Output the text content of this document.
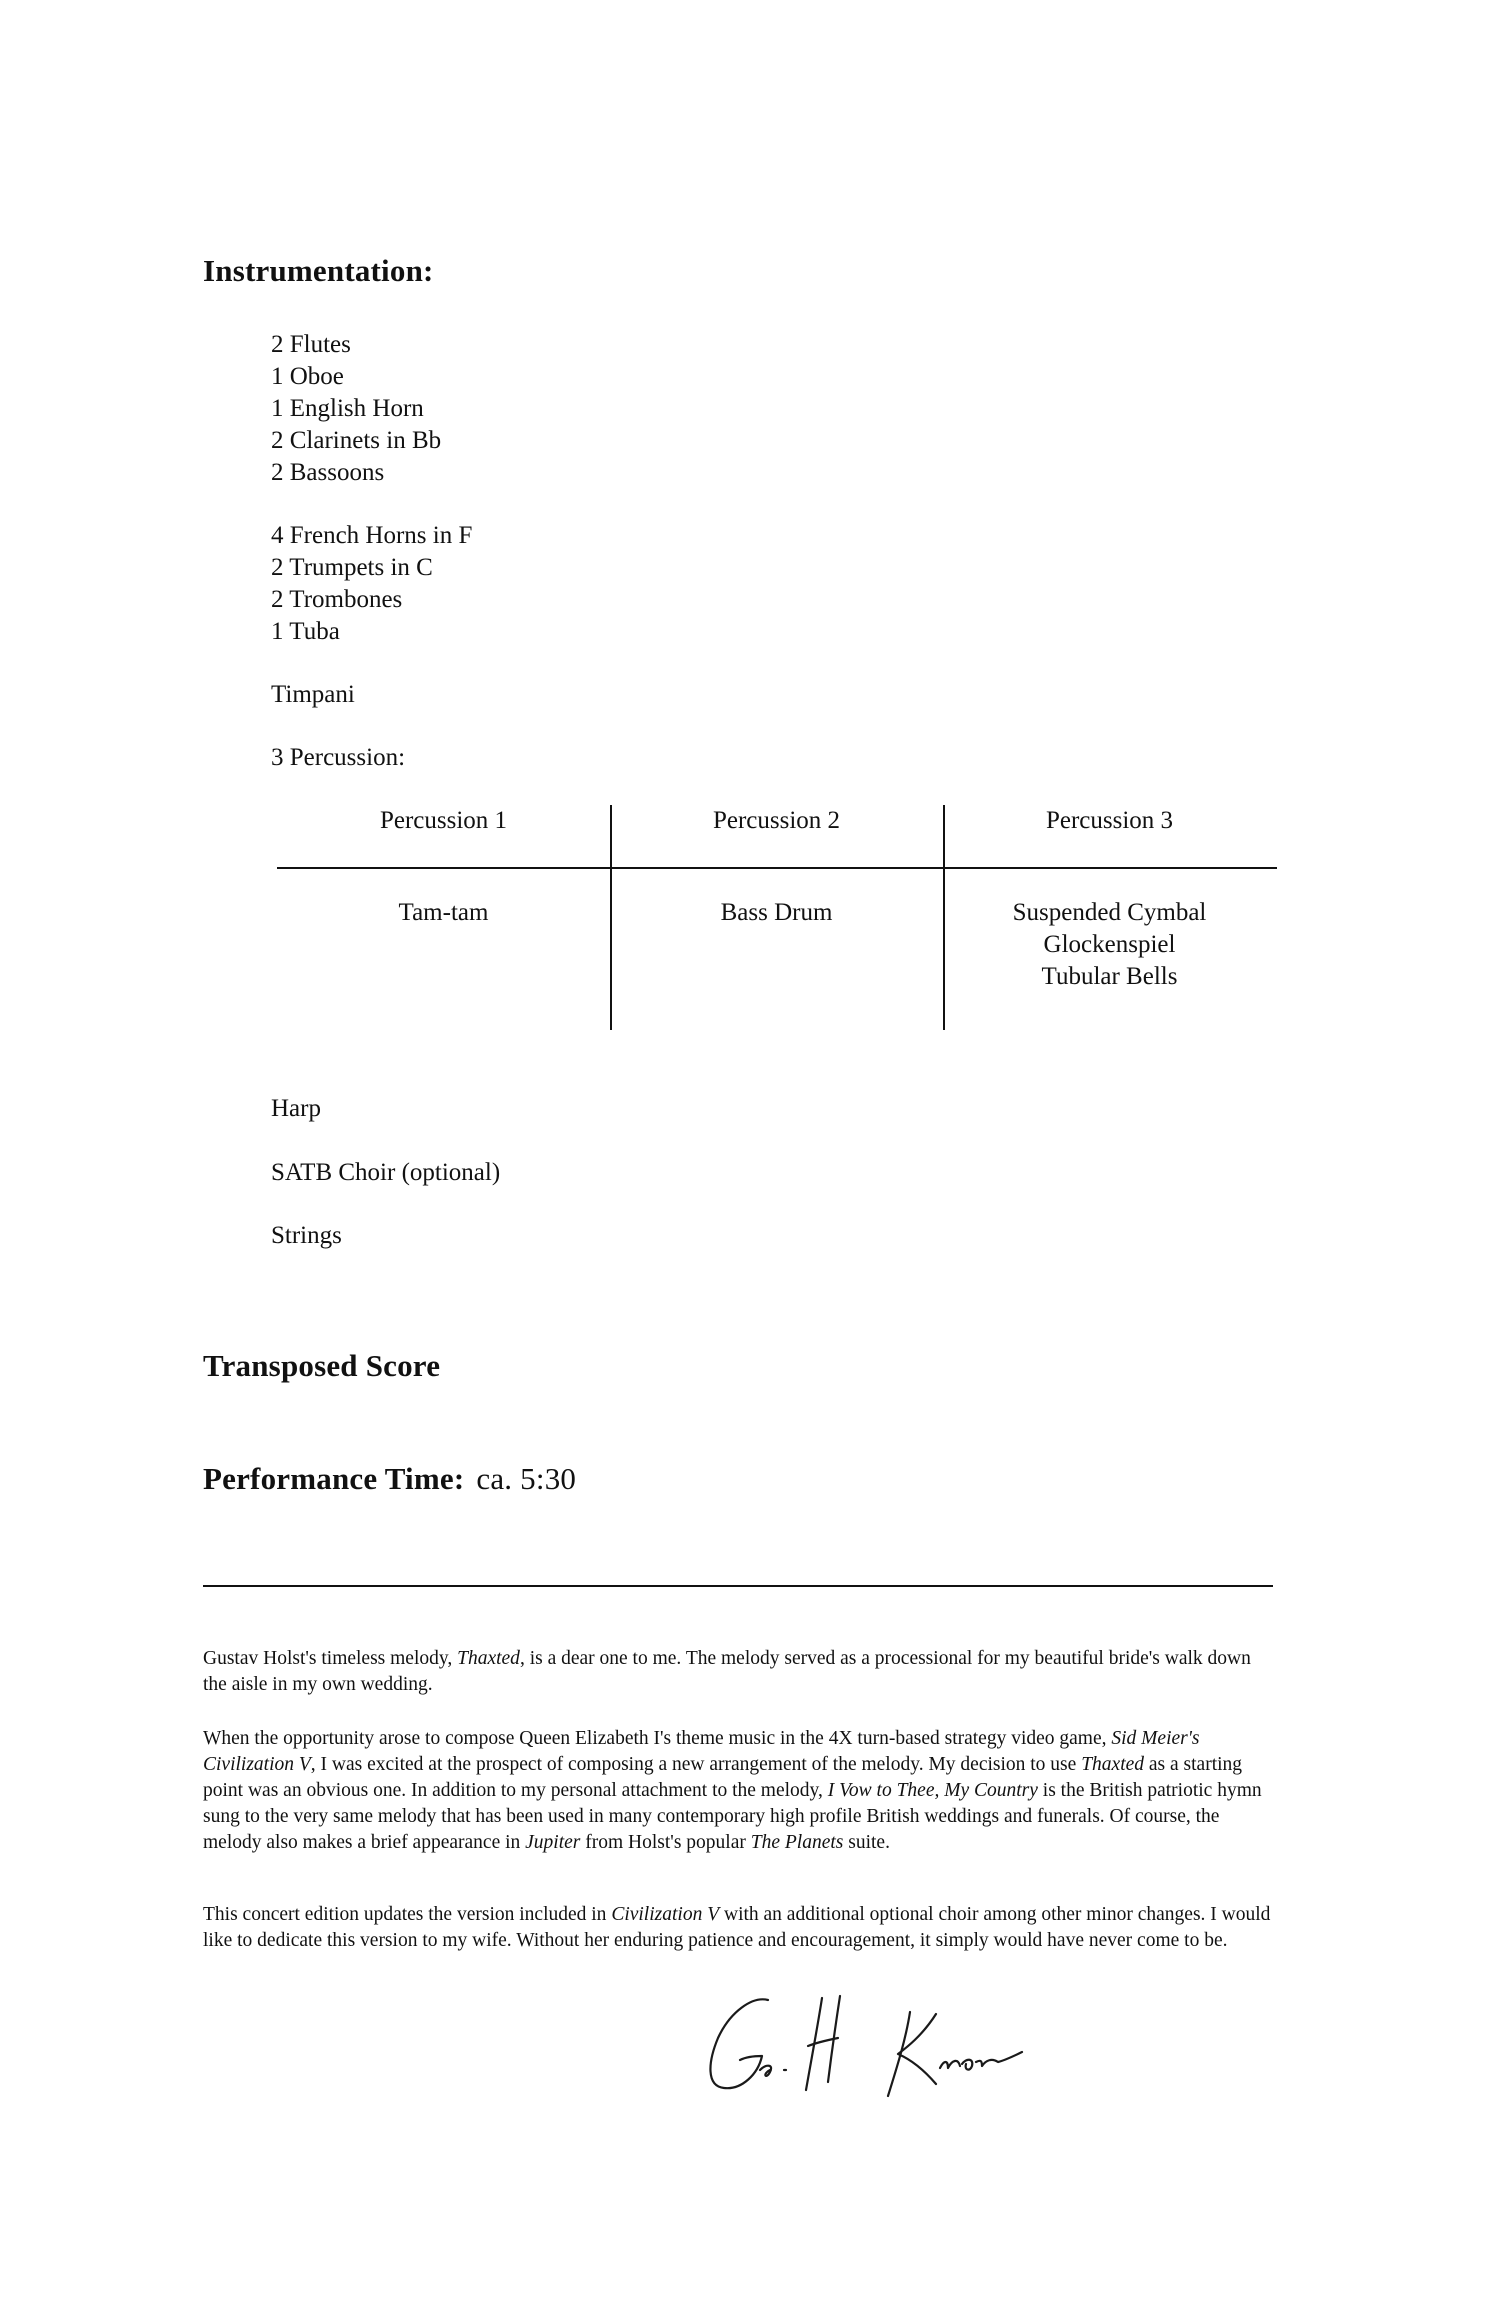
Instrumentation:
2 Flutes
1 Oboe
1 English Horn
2 Clarinets in Bb
2 Bassoons
4 French Horns in F
2 Trumpets in C
2 Trombones
1 Tuba
Timpani
3 Percussion:
Percussion 1
Tam-tam
Percussion 2
Bass Drum
Percussion 3
Suspended Cymbal
Glockenspiel
Tubular Bells
Harp
SATB Choir (optional)
Strings
Transposed Score
Performance Time: ca. 5:30

Gustav Holst's timeless melody, Thaxted, is a dear one to me. The melody served as a processional for my beautiful bride's walk down the aisle in my own wedding.

When the opportunity arose to compose Queen Elizabeth I's theme music in the 4X turn-based strategy video game, Sid Meier's Civilization V, I was excited at the prospect of composing a new arrangement of the melody. My decision to use Thaxted as a starting point was an obvious one. In addition to my personal attachment to the melody, I Vow to Thee, My Country is the British patriotic hymn sung to the very same melody that has been used in many contemporary high profile British weddings and funerals. Of course, the melody also makes a brief appearance in Jupiter from Holst's popular The Planets suite.

This concert edition updates the version included in Civilization V with an additional optional choir among other minor changes. I would like to dedicate this version to my wife. Without her enduring patience and encouragement, it simply would have never come to be.
